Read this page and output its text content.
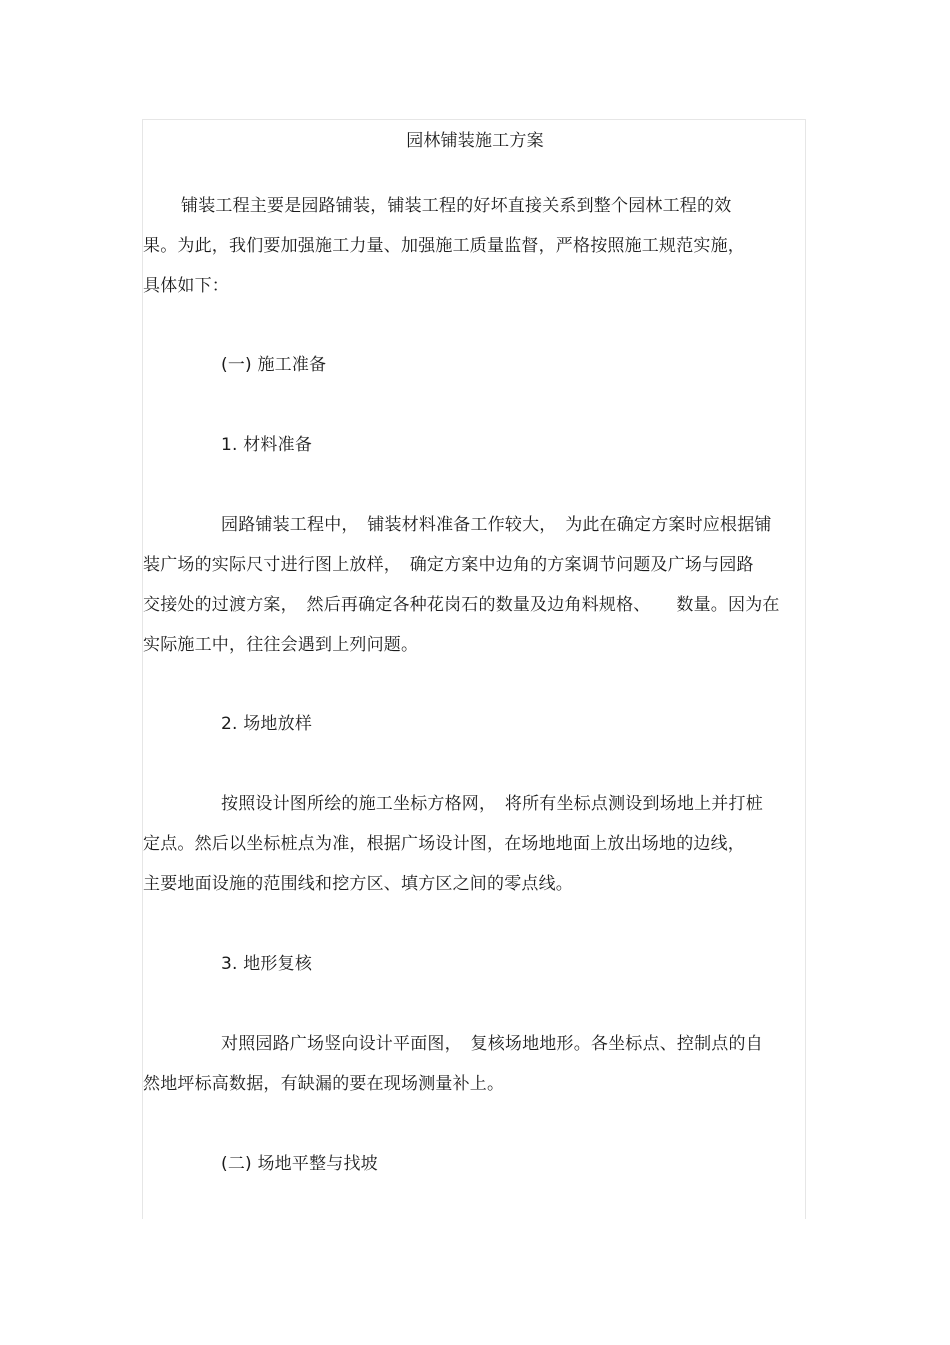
园林铺装施工方案
铺装工程主要是园路铺装，铺装工程的好坏直接关系到整个园林工程的效
果。为此，我们要加强施工力量、加强施工质量监督，严格按照施工规范实施，
具体如下：
(一) 施工准备
1. 材料准备
园路铺装工程中，　铺装材料准备工作较大，　为此在确定方案时应根据铺
装广场的实际尺寸进行图上放样，　确定方案中边角的方案调节问题及广场与园路
交接处的过渡方案，　然后再确定各种花岗石的数量及边角料规格、　　数量。因为在
实际施工中，往往会遇到上列问题。
2. 场地放样
按照设计图所绘的施工坐标方格网，　将所有坐标点测设到场地上并打桩
定点。然后以坐标桩点为准，根据广场设计图，在场地地面上放出场地的边线，
主要地面设施的范围线和挖方区、填方区之间的零点线。
3. 地形复核
对照园路广场竖向设计平面图，　复核场地地形。各坐标点、控制点的自
然地坪标高数据，有缺漏的要在现场测量补上。
(二) 场地平整与找坡
